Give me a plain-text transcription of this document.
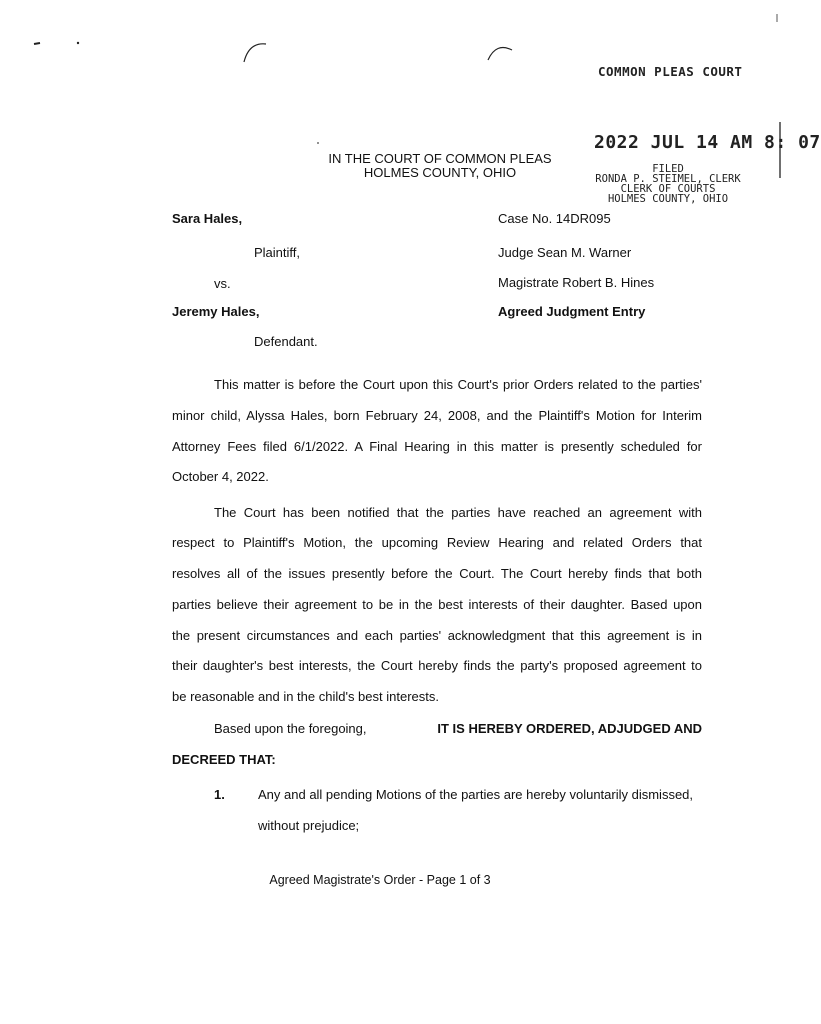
COMMON PLEAS COURT
2022 JUL 14 AM 8: 07
FILED
RONDA P. STEIMEL, CLERK
CLERK OF COURTS
HOLMES COUNTY, OHIO
IN THE COURT OF COMMON PLEAS
HOLMES COUNTY, OHIO
Sara Hales,
Plaintiff,
vs.
Jeremy Hales,
Defendant.
Case No. 14DR095
Judge Sean M. Warner
Magistrate Robert B. Hines
Agreed Judgment Entry
This matter is before the Court upon this Court's prior Orders related to the parties'
minor child, Alyssa Hales, born February 24, 2008, and the Plaintiff's Motion for Interim
Attorney Fees filed 6/1/2022. A Final Hearing in this matter is presently scheduled for
October 4, 2022.
The Court has been notified that the parties have reached an agreement with
respect to Plaintiff's Motion, the upcoming Review Hearing and related Orders that
resolves all of the issues presently before the Court. The Court hereby finds that both
parties believe their agreement to be in the best interests of their daughter. Based upon
the present circumstances and each parties' acknowledgment that this agreement is in
their daughter's best interests, the Court hereby finds the party's proposed agreement to
be reasonable and in the child's best interests.
Based upon the foregoing,	IT IS HEREBY ORDERED, ADJUDGED AND
DECREED THAT:
1.	Any and all pending Motions of the parties are hereby voluntarily dismissed,
without prejudice;
Agreed Magistrate's Order - Page 1 of 3
